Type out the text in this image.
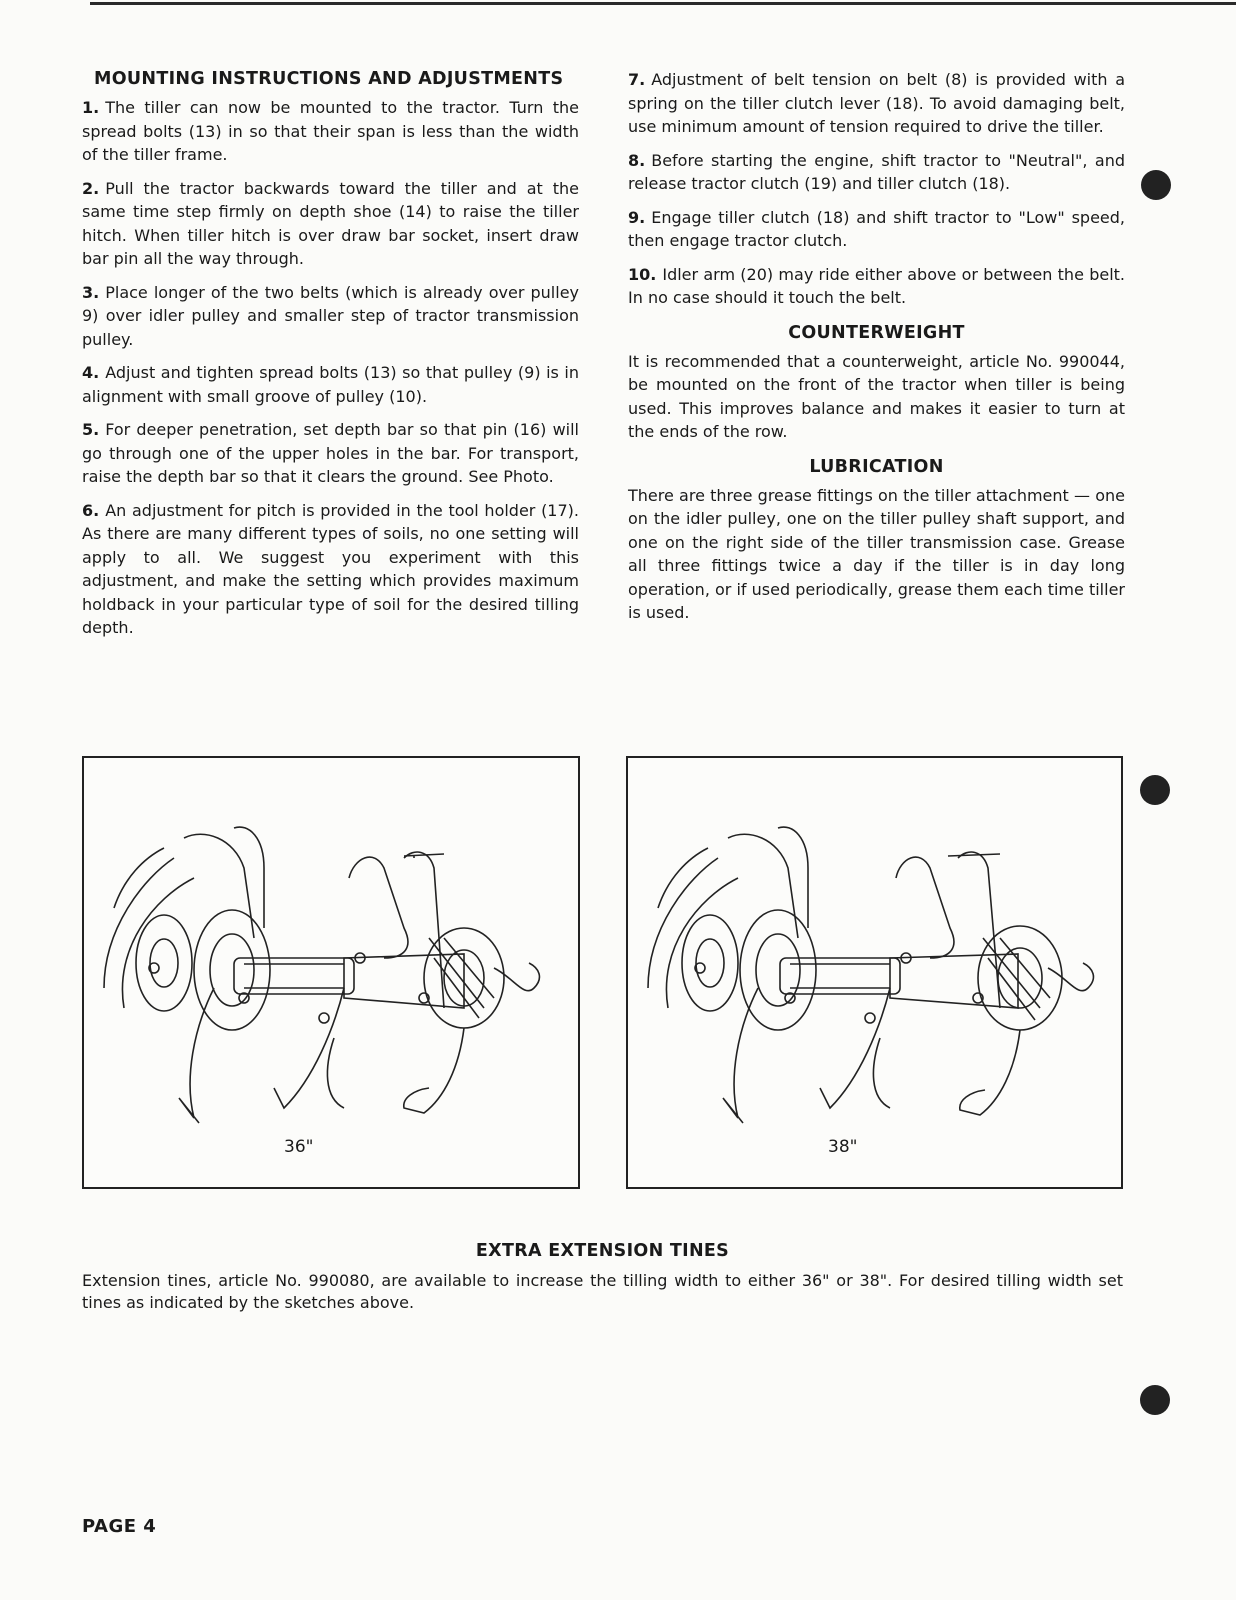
MOUNTING INSTRUCTIONS AND ADJUSTMENTS

1. The tiller can now be mounted to the tractor. Turn the spread bolts (13) in so that their span is less than the width of the tiller frame.

2. Pull the tractor backwards toward the tiller and at the same time step firmly on depth shoe (14) to raise the tiller hitch. When tiller hitch is over draw bar socket, insert draw bar pin all the way through.

3. Place longer of the two belts (which is already over pulley 9) over idler pulley and smaller step of tractor transmission pulley.

4. Adjust and tighten spread bolts (13) so that pulley (9) is in alignment with small groove of pulley (10).

5. For deeper penetration, set depth bar so that pin (16) will go through one of the upper holes in the bar. For transport, raise the depth bar so that it clears the ground. See Photo.

6. An adjustment for pitch is provided in the tool holder (17). As there are many different types of soils, no one setting will apply to all. We suggest you experiment with this adjustment, and make the setting which provides maximum holdback in your particular type of soil for the desired tilling depth.

7. Adjustment of belt tension on belt (8) is provided with a spring on the tiller clutch lever (18). To avoid damaging belt, use minimum amount of tension required to drive the tiller.

8. Before starting the engine, shift tractor to "Neutral", and release tractor clutch (19) and tiller clutch (18).

9. Engage tiller clutch (18) and shift tractor to "Low" speed, then engage tractor clutch.

10. Idler arm (20) may ride either above or between the belt. In no case should it touch the belt.

COUNTERWEIGHT

It is recommended that a counterweight, article No. 990044, be mounted on the front of the tractor when tiller is being used. This improves balance and makes it easier to turn at the ends of the row.

LUBRICATION

There are three grease fittings on the tiller attachment — one on the idler pulley, one on the tiller pulley shaft support, and one on the right side of the tiller transmission case. Grease all three fittings twice a day if the tiller is in day long operation, or if used periodically, grease them each time tiller is used.

36"	38"
EXTRA EXTENSION TINES

Extension tines, article No. 990080, are available to increase the tilling width to either 36" or 38". For desired tilling width set tines as indicated by the sketches above.

PAGE 4
